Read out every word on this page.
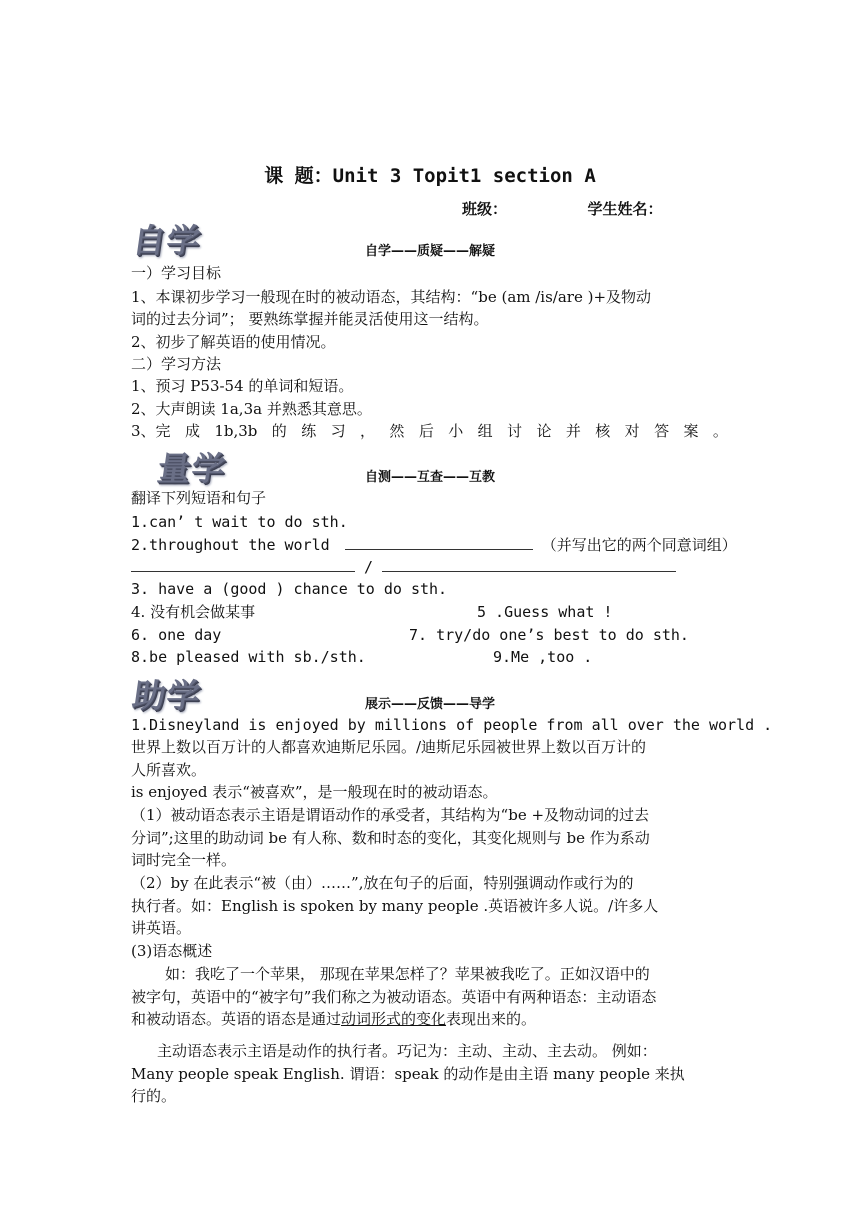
课 题：Unit 3 Topit1 section A
班级：	学生姓名：
自学	自学——质疑——解疑
一）学习目标
1、本课初步学习一般现在时的被动语态，其结构：“be (am /is/are )+及物动
词的过去分词”； 要熟练掌握并能灵活使用这一结构。
2、初步了解英语的使用情况。
二）学习方法
1、预习 P53-54 的单词和短语。
2、大声朗读 1a,3a 并熟悉其意思。
3、完 成 1b,3b 的 练 习 ， 然 后 小 组 讨 论 并 核 对 答 案 。
量学	自测——互查——互教
翻译下列短语和句子
1.can’ t wait to do sth.
2.throughout the world	（并写出它的两个同意词组）
/
3. have a (good ) chance to do sth.
4. 没有机会做某事	5 .Guess what !
6. one day	7. try/do one’s best to do sth.
8.be pleased with sb./sth.	9.Me ,too .
助学	展示——反馈——导学
1.Disneyland is enjoyed by millions of people from all over the world .
世界上数以百万计的人都喜欢迪斯尼乐园。/迪斯尼乐园被世界上数以百万计的
人所喜欢。
is enjoyed 表示“被喜欢”，是一般现在时的被动语态。
（1）被动语态表示主语是谓语动作的承受者，其结构为“be +及物动词的过去
分词”;这里的助动词 be 有人称、数和时态的变化，其变化规则与 be 作为系动
词时完全一样。
（2）by 在此表示“被（由）……”,放在句子的后面，特别强调动作或行为的
执行者。如：English is spoken by many people .英语被许多人说。/许多人
讲英语。
(3)语态概述
如：我吃了一个苹果， 那现在苹果怎样了？苹果被我吃了。正如汉语中的
被字句，英语中的“被字句”我们称之为被动语态。英语中有两种语态：主动语态
和被动语态。英语的语态是通过动词形式的变化表现出来的。
主动语态表示主语是动作的执行者。巧记为：主动、主动、主去动。 例如：
Many people speak English. 谓语：speak 的动作是由主语 many people 来执
行的。
